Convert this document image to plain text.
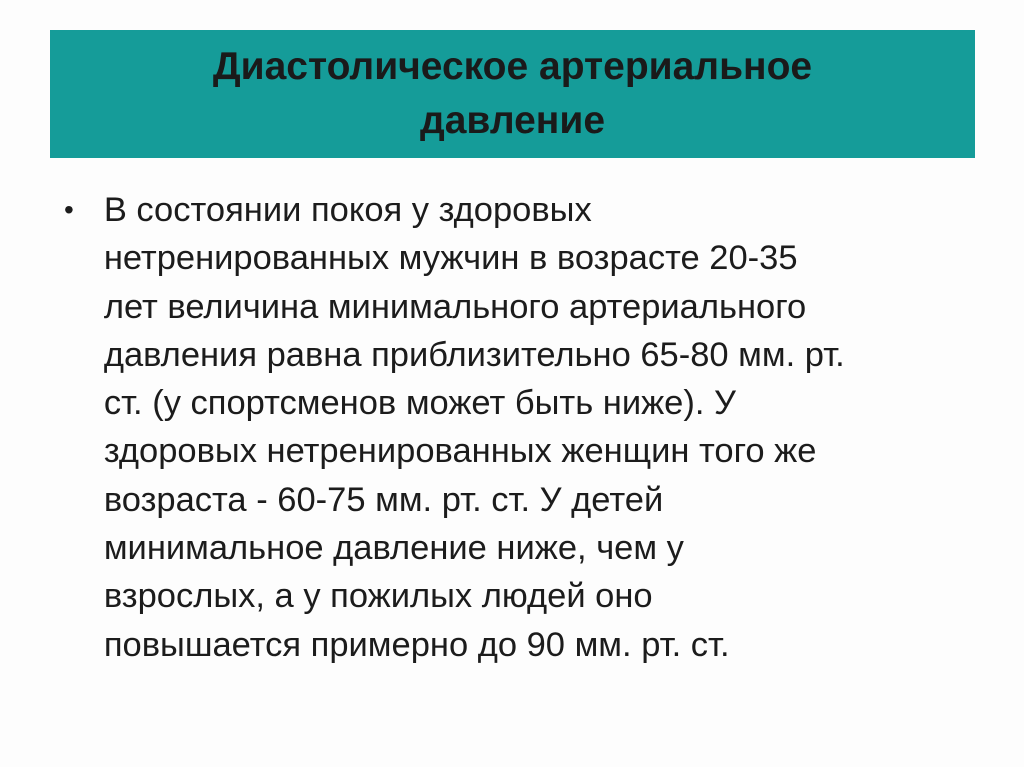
Диастолическое артериальное давление
• В состоянии покоя у здоровых
нетренированных мужчин в возрасте 20-35
лет величина минимального артериального
давления равна приблизительно 65-80 мм. рт.
ст. (у спортсменов может быть ниже). У
здоровых нетренированных женщин того же
возраста - 60-75 мм. рт. ст. У детей
минимальное давление ниже, чем у
взрослых, а у пожилых людей оно
повышается примерно до 90 мм. рт. ст.
